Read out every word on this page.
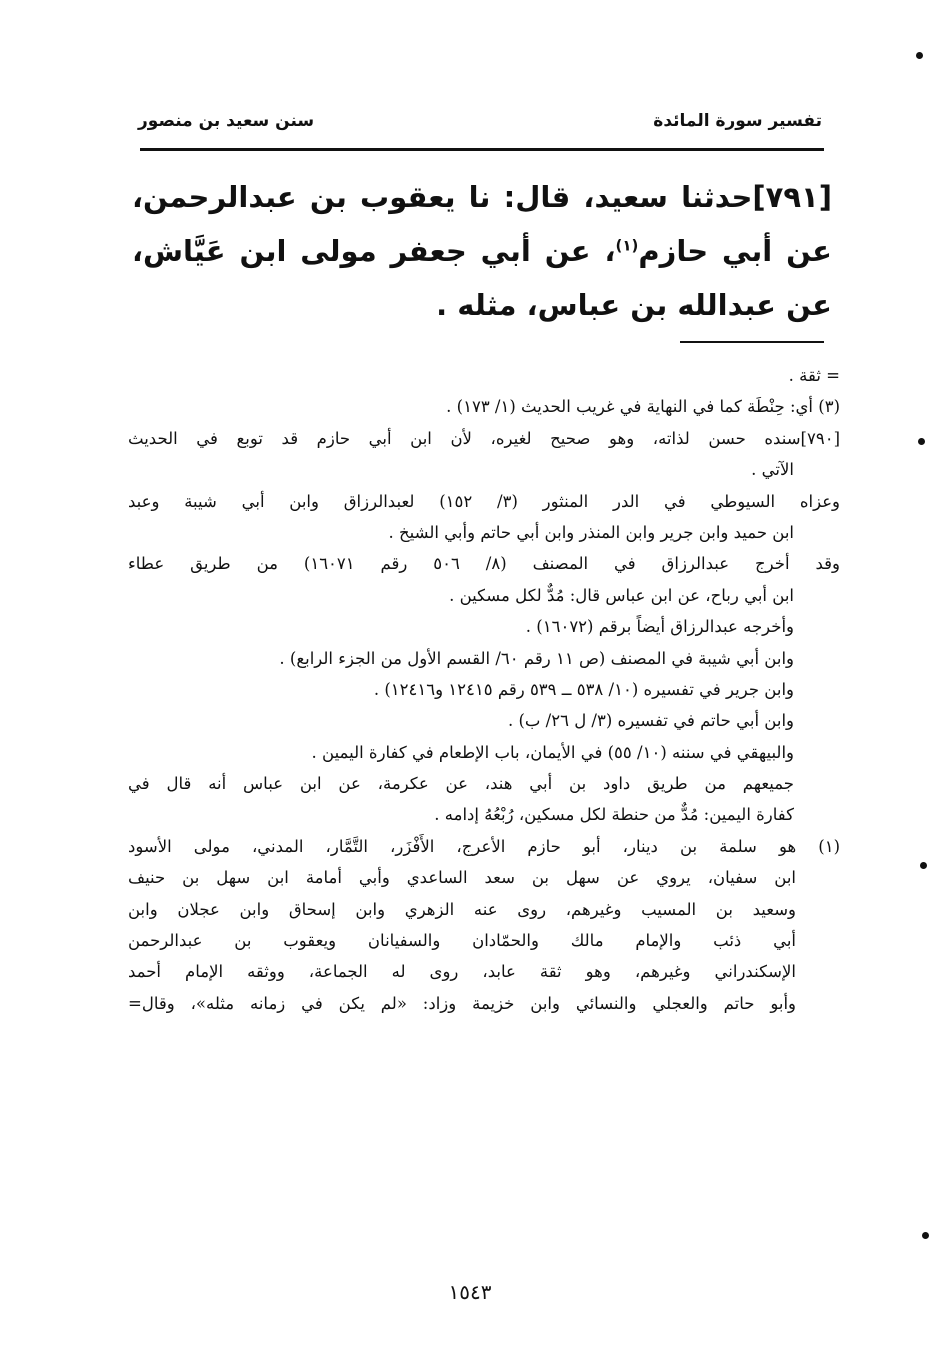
سنن سعيد بن منصور	تفسير سورة المائدة

[٧٩١]حدثنا سعيد، قال: نا يعقوب بن عبدالرحمن، عن أبي حازم$^{(١)}$، عن أبي جعفر مولى ابن عَيَّاش، عن عبدالله بن عباس، مثله .

= ثقة .
(٣) أي: حِنْطَة كما في النهاية في غريب الحديث (١/ ١٧٣) .
[٧٩٠]سنده حسن لذاته، وهو صحيح لغيره، لأن ابن أبي حازم قد توبع في الحديث
الآتي .
وعزاه السيوطي في الدر المنثور (٣/ ١٥٢) لعبدالرزاق وابن أبي شيبة وعبد
ابن حميد وابن جرير وابن المنذر وابن أبي حاتم وأبي الشيخ .
وقد أخرج عبدالرزاق في المصنف (٨/ ٥٠٦ رقم ١٦٠٧١) من طريق عطاء
ابن أبي رباح، عن ابن عباس قال: مُدٌّ لكل مسكين .
وأخرجه عبدالرزاق أيضاً برقم (١٦٠٧٢) .
وابن أبي شيبة في المصنف (ص ١١ رقم ٦٠/ القسم الأول من الجزء الرابع) .
وابن جرير في تفسيره (١٠/ ٥٣٨ ــ ٥٣٩ رقم ١٢٤١٥ و١٢٤١٦) .
وابن أبي حاتم في تفسيره (٣/ ل ٢٦/ ب) .
والبيهقي في سننه (١٠/ ٥٥) في الأيمان، باب الإطعام في كفارة اليمين .
جميعهم من طريق داود بن أبي هند، عن عكرمة، عن ابن عباس أنه قال في
كفارة اليمين: مُدٌّ من حنطة لكل مسكين، رُبْعُهُ إدامه .
(١) هو سلمة بن دينار، أبو حازم الأعرج، الأَفْزَر، التَّمَّار، المدني، مولى الأسود
ابن سفيان، يروي عن سهل بن سعد الساعدي وأبي أمامة ابن سهل بن حنيف
وسعيد بن المسيب وغيرهم، روى عنه الزهري وابن إسحاق وابن عجلان وابن
أبي ذئب والإمام مالك والحمّادان والسفيانان ويعقوب بن عبدالرحمن
الإسكندراني وغيرهم، وهو ثقة عابد، روى له الجماعة، ووثقه الإمام أحمد
وأبو حاتم والعجلي والنسائي وابن خزيمة وزاد: «لم يكن في زمانه مثله»، وقال=
١٥٤٣
